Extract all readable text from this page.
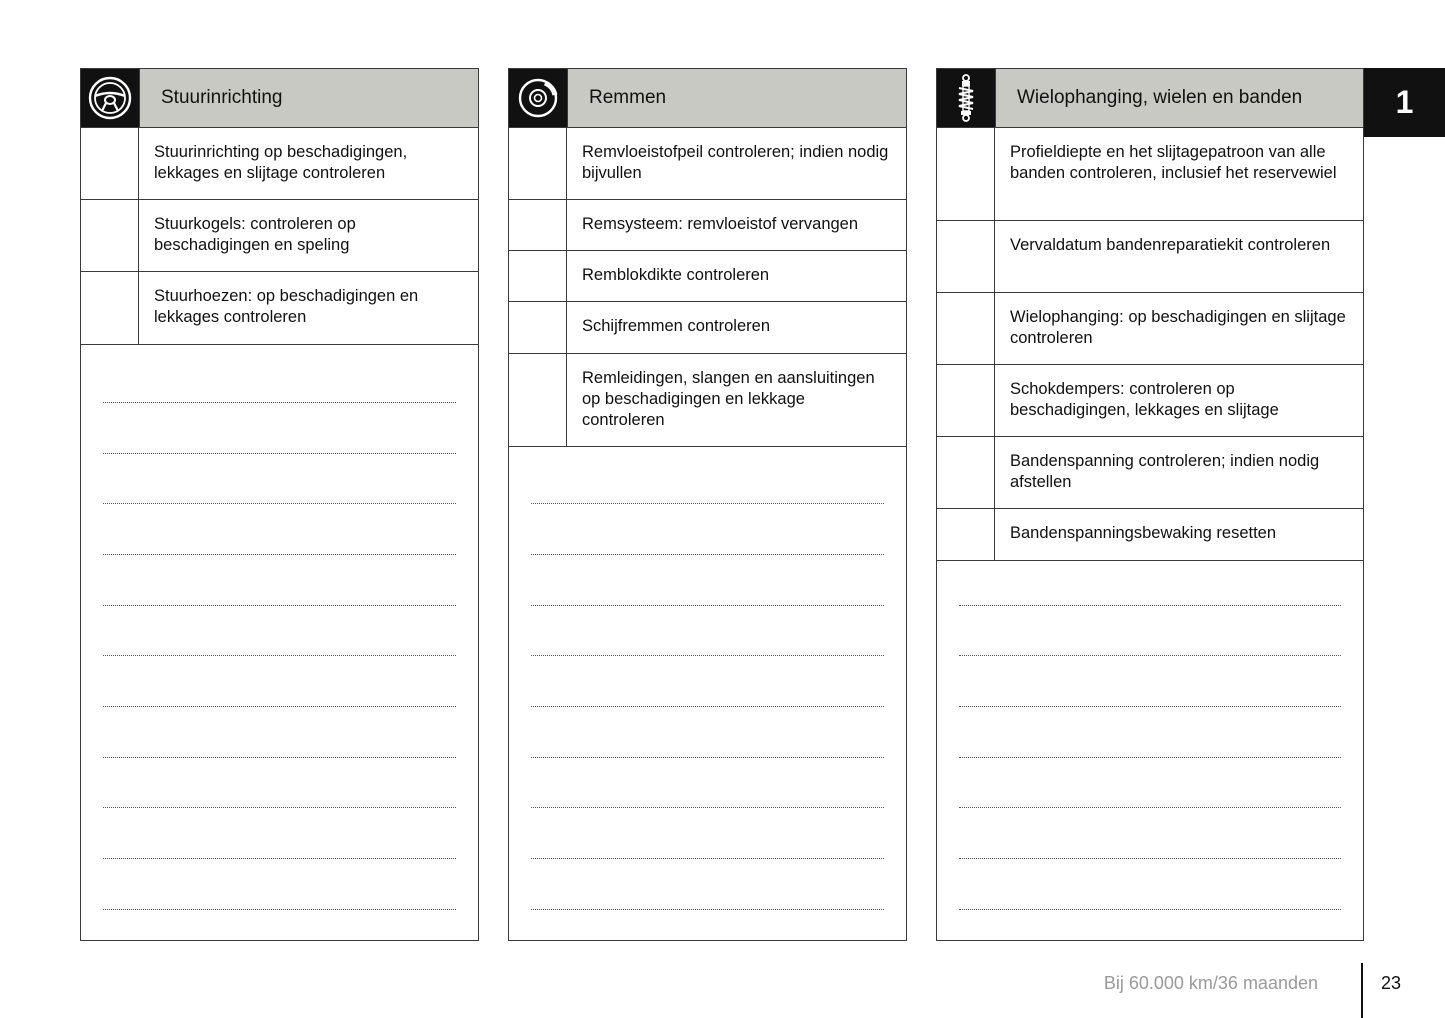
Stuurinrichting
Stuurinrichting op beschadigingen, lekkages en slijtage controleren
Stuurkogels: controleren op beschadigingen en speling
Stuurhoezen: op beschadigingen en lekkages controleren
Remmen
Remvloeistofpeil controleren; indien nodig bijvullen
Remsysteem: remvloeistof vervangen
Remblokdikte controleren
Schijfremmen controleren
Remleidingen, slangen en aansluitingen op beschadigingen en lekkage controleren
Wielophanging, wielen en banden
Profieldiepte en het slijtagepatroon van alle banden controleren, inclusief het reservewiel
Vervaldatum bandenreparatiekit controleren
Wielophanging: op beschadigingen en slijtage controleren
Schokdempers: controleren op beschadigingen, lekkages en slijtage
Bandenspanning controleren; indien nodig afstellen
Bandenspanningsbewaking resetten
1
Bij 60.000 km/36 maanden	23
